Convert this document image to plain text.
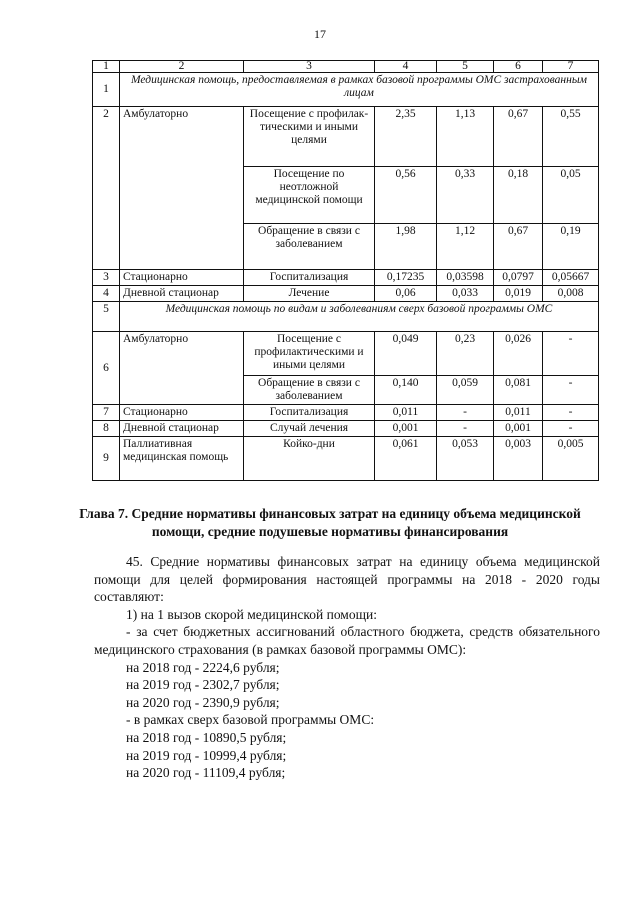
17
1	2	3	4	5	6	7
1	Медицинская помощь, предоставляемая в рамках базовой программы ОМС застрахованным лицам					
2	Амбулаторно	Посещение с профилак-тическими и иными целями	2,35	1,13	0,67	0,55
		Посещение по неотложной медицинской помощи	0,56	0,33	0,18	0,05
		Обращение в связи с заболеванием	1,98	1,12	0,67	0,19
3	Стационарно	Госпитализация	0,17235	0,03598	0,0797	0,05667
4	Дневной стационар	Лечение	0,06	0,033	0,019	0,008
5	Медицинская помощь по видам и заболеваниям сверх базовой программы ОМС					
6	Амбулаторно	Посещение с профилактическими и иными целями	0,049	0,23	0,026	-
		Обращение в связи с заболеванием	0,140	0,059	0,081	-
7	Стационарно	Госпитализация	0,011	-	0,011	-
8	Дневной стационар	Случай лечения	0,001	-	0,001	-
9	Паллиативная медицинская помощь	Койко-дни	0,061	0,053	0,003	0,005
Глава 7. Средние нормативы финансовых затрат на единицу объема медицинской помощи, средние подушевые нормативы финансирования

45. Средние нормативы финансовых затрат на единицу объема медицинской помощи для целей формирования настоящей программы на 2018 - 2020 годы составляют:

1) на 1 вызов скорой медицинской помощи:

- за счет бюджетных ассигнований областного бюджета, средств обязательного медицинского страхования (в рамках базовой программы ОМС):

на 2018 год - 2224,6 рубля;

на 2019 год - 2302,7 рубля;

на 2020 год - 2390,9 рубля;

- в рамках сверх базовой программы ОМС:

на 2018 год - 10890,5 рубля;

на 2019 год - 10999,4 рубля;

на 2020 год - 11109,4 рубля;
